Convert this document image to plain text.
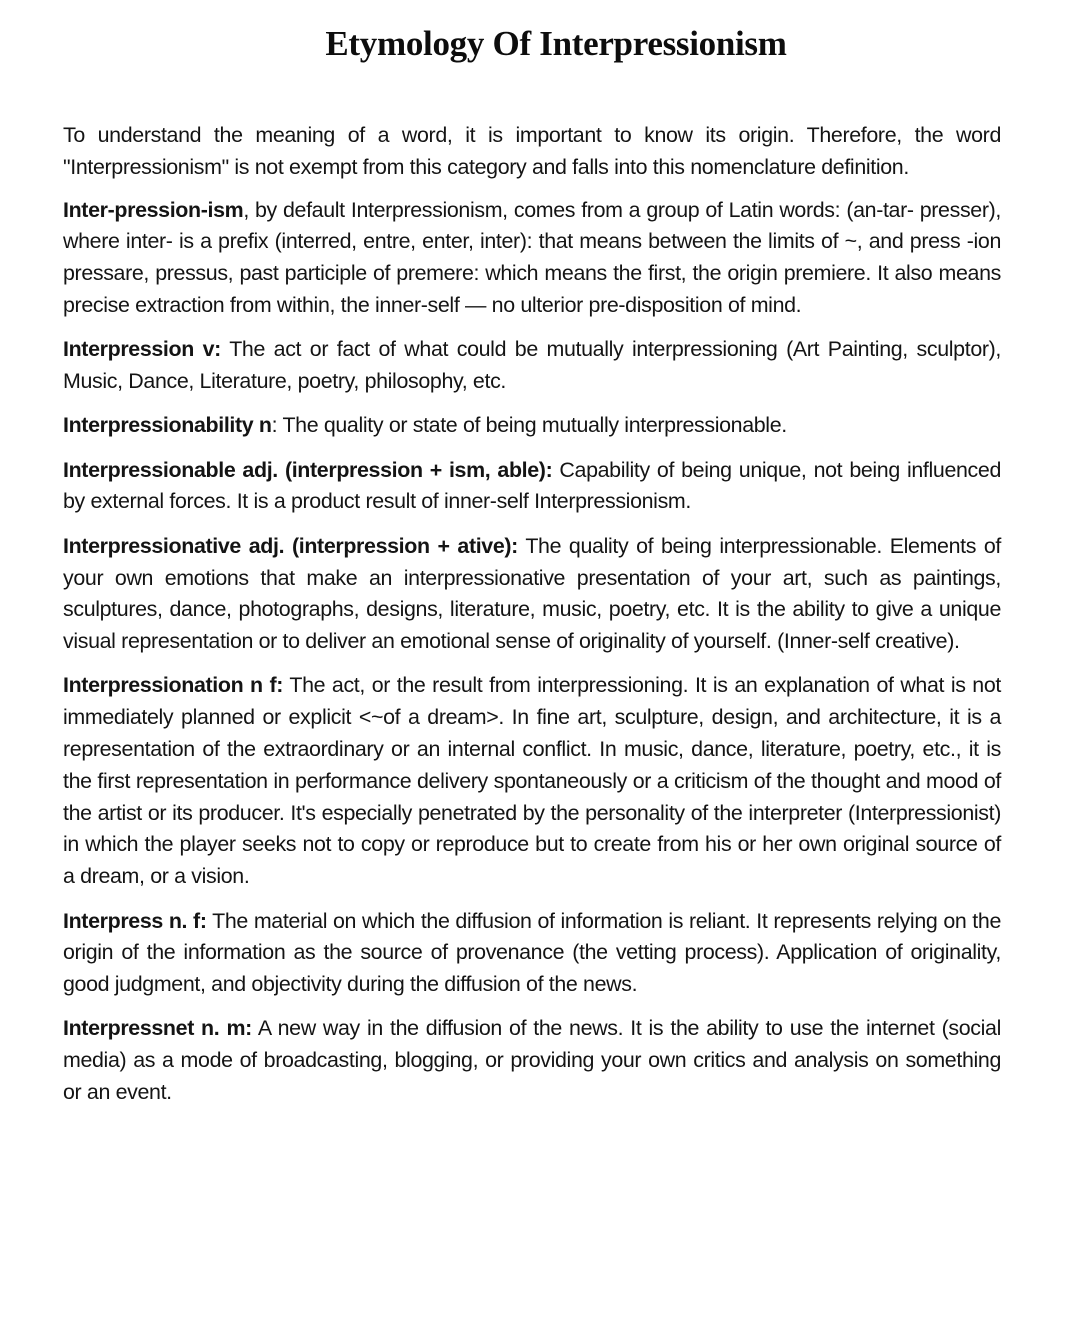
Etymology Of Interpressionism

To understand the meaning of a word, it is important to know its origin. Therefore, the word "Interpressionism" is not exempt from this category and falls into this nomenclature definition.

Inter-pression-ism, by default Interpressionism, comes from a group of Latin words: (an-tar- presser), where inter- is a prefix (interred, entre, enter, inter): that means between the limits of ~, and press -ion pressare, pressus, past participle of premere: which means the first, the origin premiere. It also means precise extraction from within, the inner-self — no ulterior pre-disposition of mind.

Interpression v: The act or fact of what could be mutually interpressioning (Art Painting, sculptor), Music, Dance, Literature, poetry, philosophy, etc.

Interpressionability n: The quality or state of being mutually interpressionable.

Interpressionable adj. (interpression + ism, able): Capability of being unique, not being influenced by external forces. It is a product result of inner-self Interpressionism.

Interpressionative adj. (interpression + ative): The quality of being interpressionable. Elements of your own emotions that make an interpressionative presentation of your art, such as paintings, sculptures, dance, photographs, designs, literature, music, poetry, etc. It is the ability to give a unique visual representation or to deliver an emotional sense of originality of yourself. (Inner-self creative).

Interpressionation n f: The act, or the result from interpressioning. It is an explanation of what is not immediately planned or explicit <~of a dream>. In fine art, sculpture, design, and architecture, it is a representation of the extraordinary or an internal conflict. In music, dance, literature, poetry, etc., it is the first representation in performance delivery spontaneously or a criticism of the thought and mood of the artist or its producer. It's especially penetrated by the personality of the interpreter (Interpressionist) in which the player seeks not to copy or reproduce but to create from his or her own original source of a dream, or a vision.

Interpress n. f: The material on which the diffusion of information is reliant. It represents relying on the origin of the information as the source of provenance (the vetting process). Application of originality, good judgment, and objectivity during the diffusion of the news.

Interpressnet n. m: A new way in the diffusion of the news. It is the ability to use the internet (social media) as a mode of broadcasting, blogging, or providing your own critics and analysis on something or an event.
